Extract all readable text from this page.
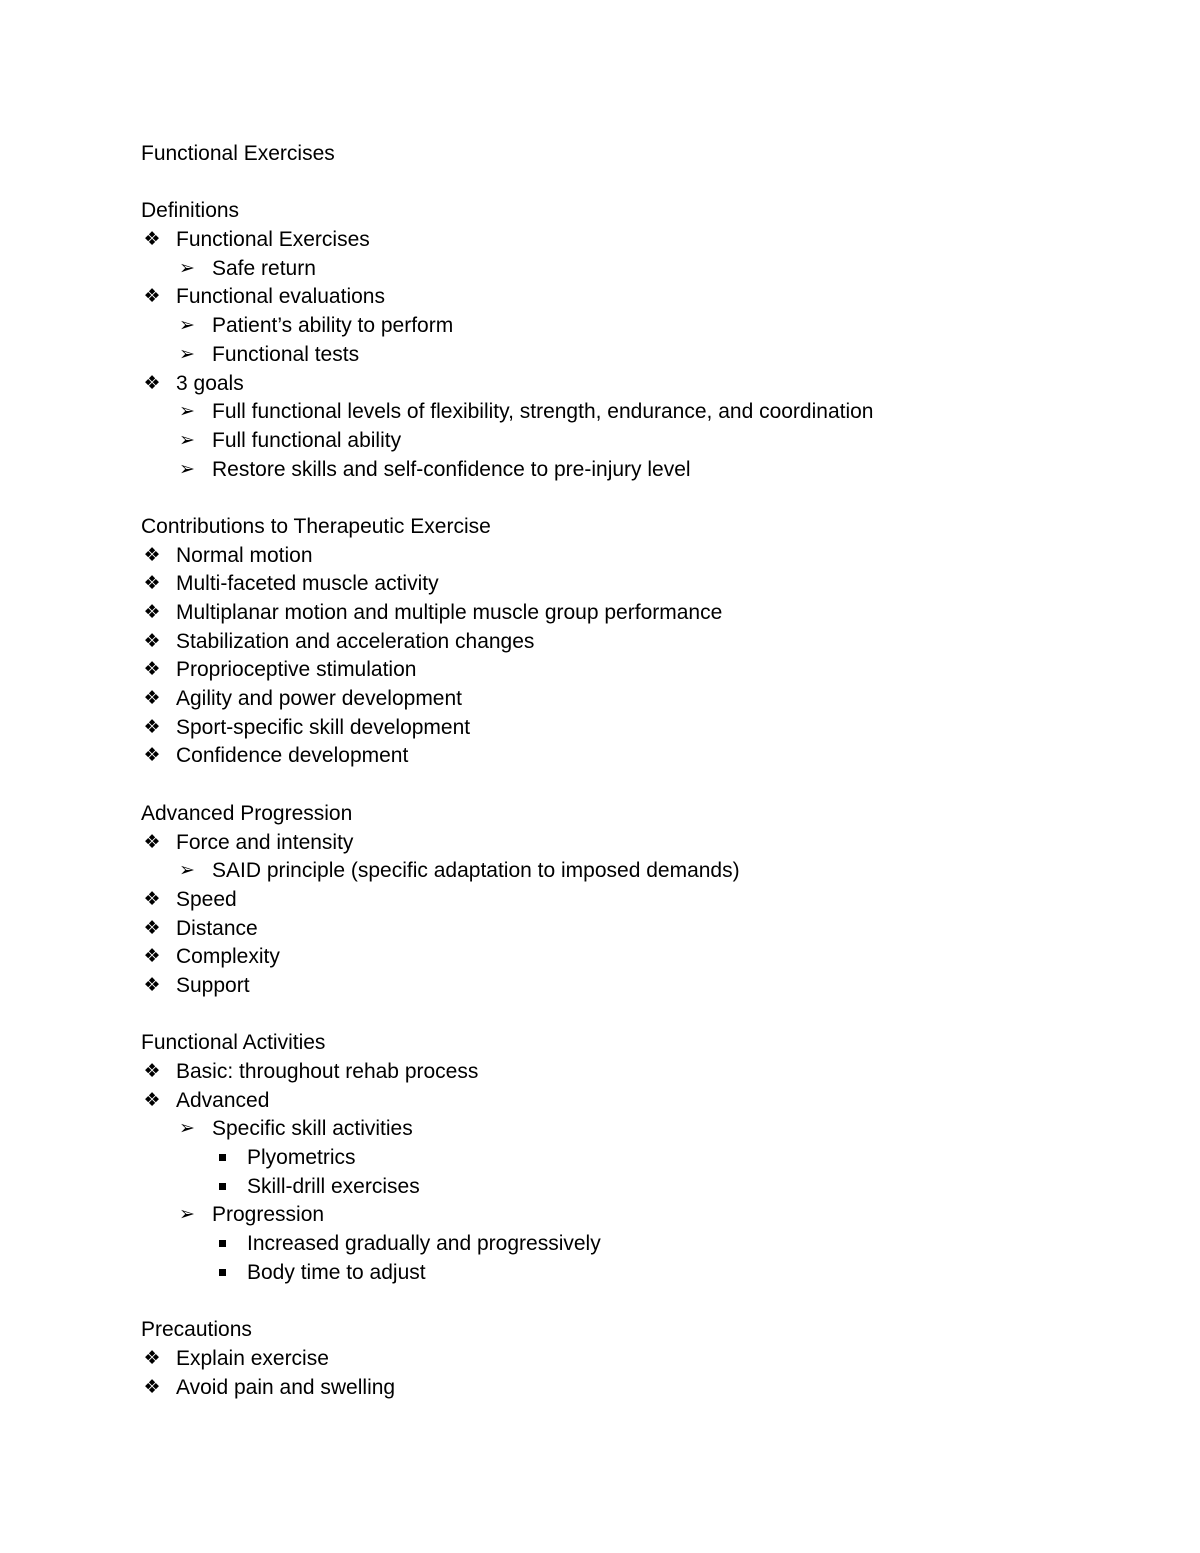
Functional Exercises
Definitions
❖ Functional Exercises
➢ Safe return
❖ Functional evaluations
➢ Patient’s ability to perform
➢ Functional tests
❖ 3 goals
➢ Full functional levels of flexibility, strength, endurance, and coordination
➢ Full functional ability
➢ Restore skills and self-confidence to pre-injury level
Contributions to Therapeutic Exercise
❖ Normal motion
❖ Multi-faceted muscle activity
❖ Multiplanar motion and multiple muscle group performance
❖ Stabilization and acceleration changes
❖ Proprioceptive stimulation
❖ Agility and power development
❖ Sport-specific skill development
❖ Confidence development
Advanced Progression
❖ Force and intensity
➢ SAID principle (specific adaptation to imposed demands)
❖ Speed
❖ Distance
❖ Complexity
❖ Support
Functional Activities
❖ Basic: throughout rehab process
❖ Advanced
➢ Specific skill activities
Plyometrics
Skill-drill exercises
➢ Progression
Increased gradually and progressively
Body time to adjust
Precautions
❖ Explain exercise
❖ Avoid pain and swelling
